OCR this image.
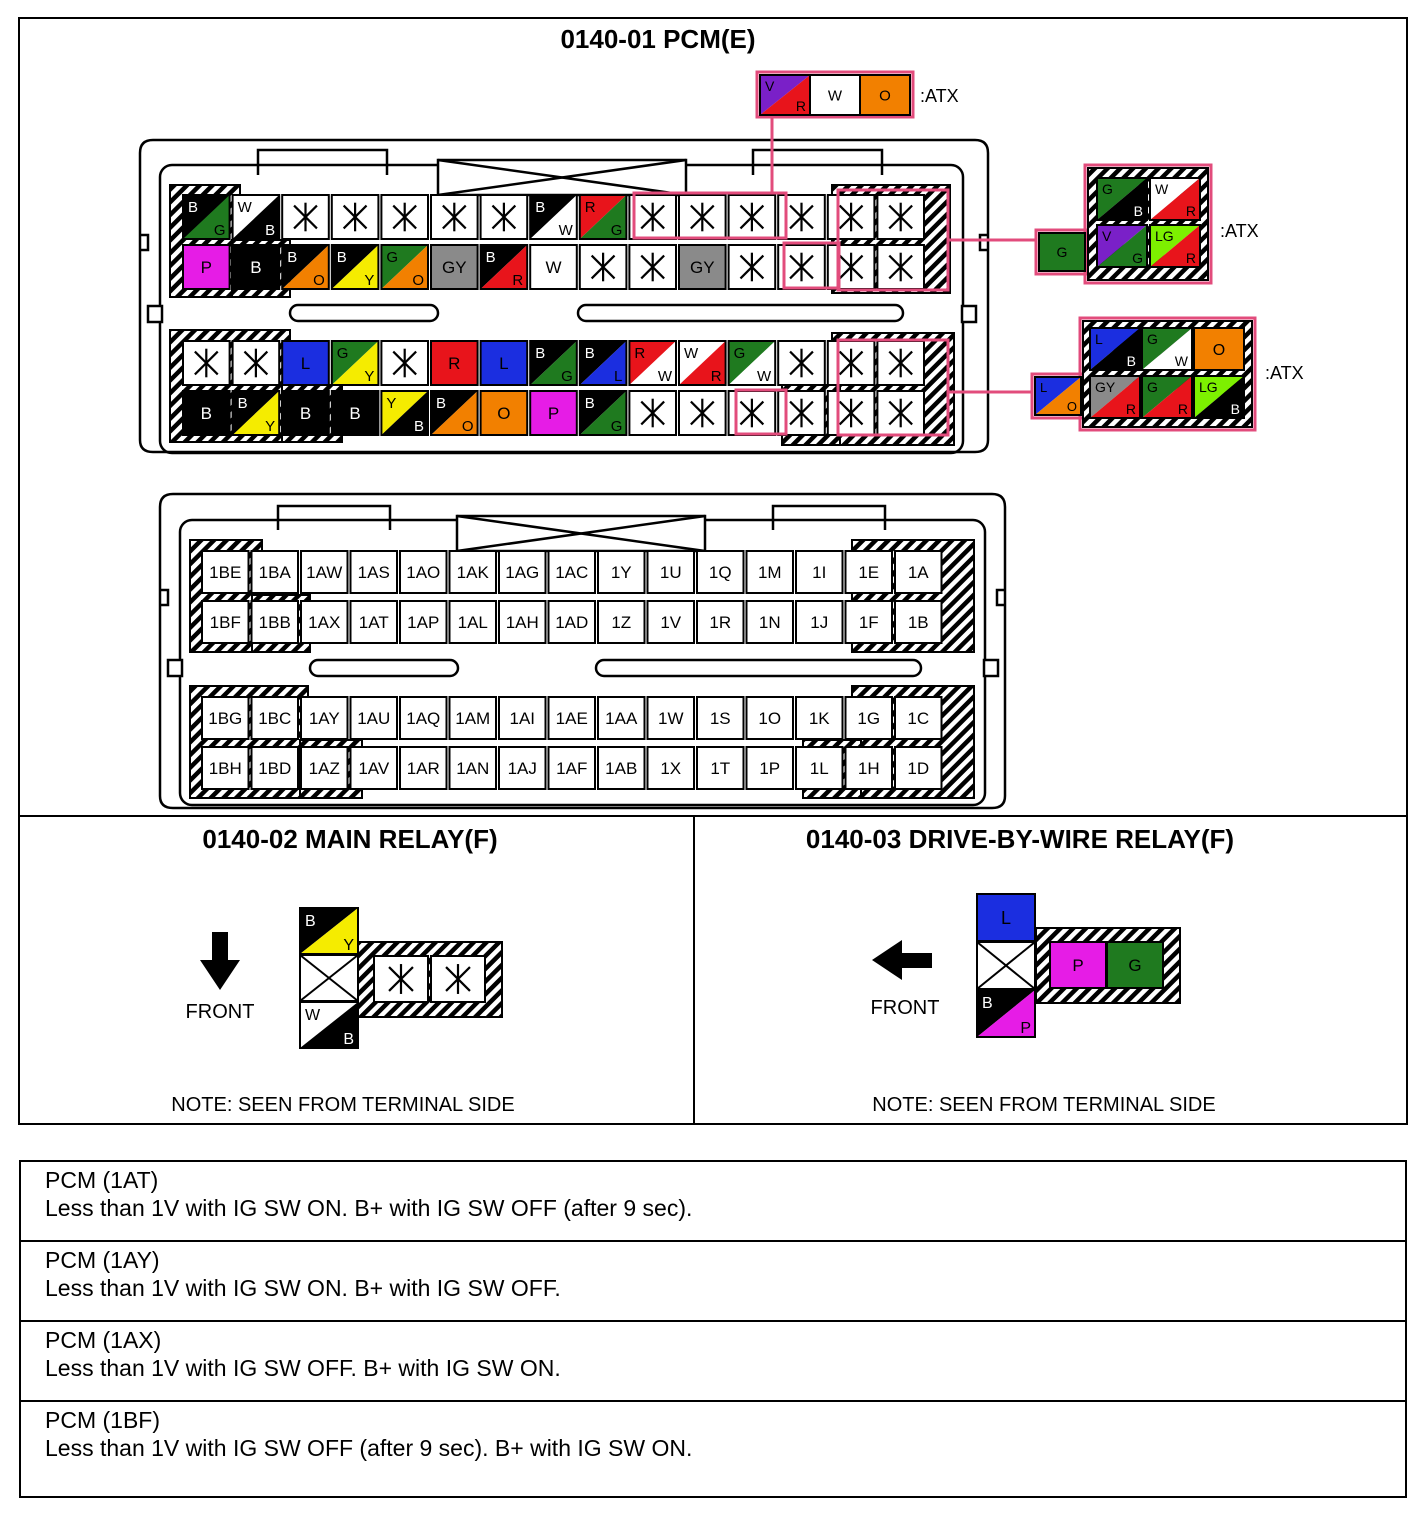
0140-01 PCM(E)
0140-02 MAIN RELAY(F)	0140-03 DRIVE-BY-WIRE RELAY(F)
B
G
W
B
B
W
R
G
P B
B
O
B
Y
G
O
GY
B
R
W	GY
L
G
Y
R L
B
G
B
L
R
W
W
R
G
W
B
B
Y
B B
Y
B
B
O
O P
B
G
V
R
W O
G
G
B
W
R
V
G
LG
R
L
O
L
B
G
W
O
GY
R
G
R
LG
B
:ATX
:ATX
:ATX
1BE 1BA 1AW 1AS 1AO 1AK 1AG 1AC 1Y 1U 1Q 1M 1I 1E 1A
1BF 1BB 1AX 1AT 1AP 1AL 1AH 1AD 1Z 1V 1R 1N 1J 1F 1B
1BG 1BC 1AY 1AU 1AQ 1AM 1AI 1AE 1AA 1W 1S 1O 1K 1G 1C
1BH 1BD 1AZ 1AV 1AR 1AN 1AJ 1AF 1AB 1X 1T 1P 1L 1H 1D
FRONT
B
Y
W
B
NOTE: SEEN FROM TERMINAL SIDE
FRONT
L
B
P
P	G
NOTE: SEEN FROM TERMINAL SIDE
PCM (1AT)
Less than 1V with IG SW ON. B+ with IG SW OFF (after 9 sec).
PCM (1AY)
Less than 1V with IG SW ON. B+ with IG SW OFF.
PCM (1AX)
Less than 1V with IG SW OFF. B+ with IG SW ON.
PCM (1BF)
Less than 1V with IG SW OFF (after 9 sec). B+ with IG SW ON.
